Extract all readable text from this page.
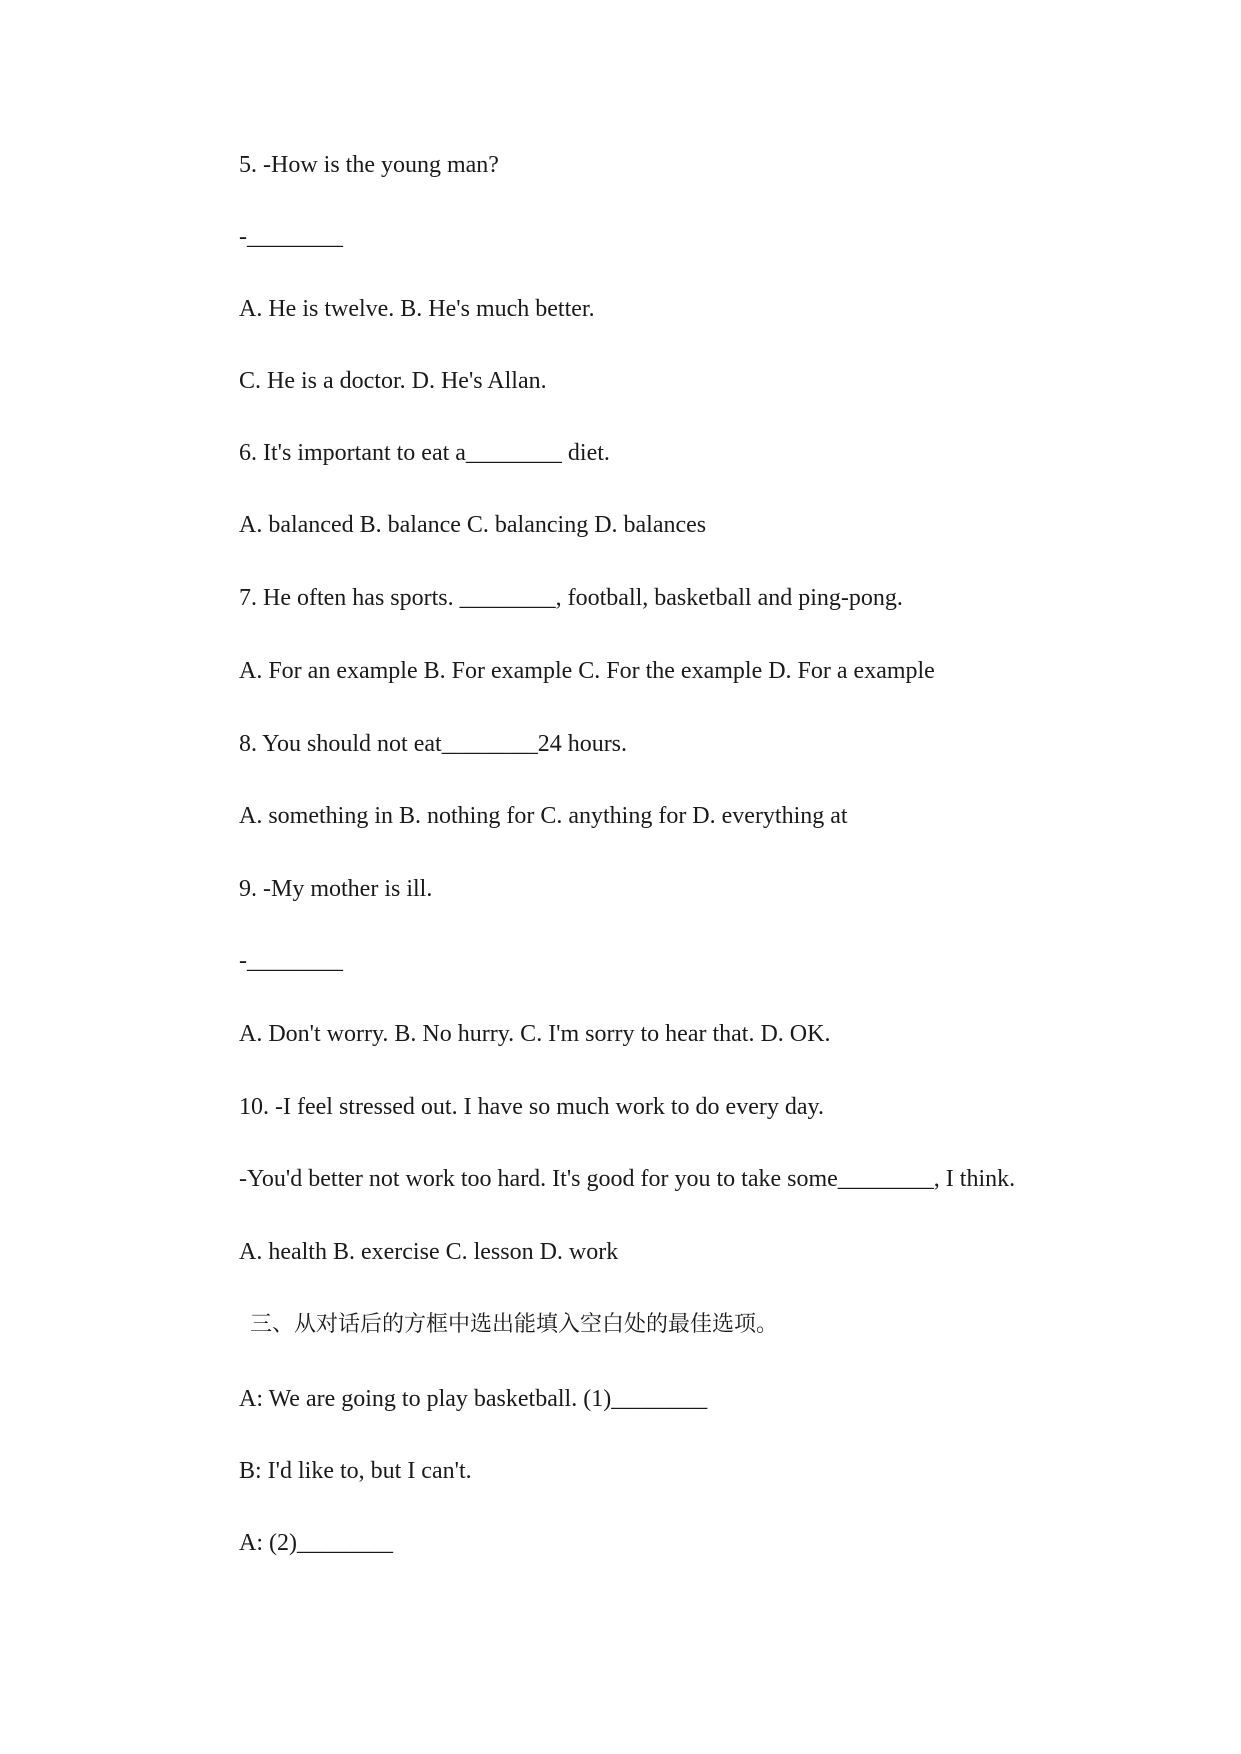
5. -How is the young man?
-________
A. He is twelve. B. He's much better.
C. He is a doctor. D. He's Allan.
6. It's important to eat a________ diet.
A. balanced B. balance C. balancing D. balances
7. He often has sports. ________, football, basketball and ping-pong.
A. For an example B. For example C. For the example D. For a example
8. You should not eat________24 hours.
A. something in B. nothing for C. anything for D. everything at
9. -My mother is ill.
-________
A. Don't worry. B. No hurry. C. I'm sorry to hear that. D. OK.
10. -I feel stressed out. I have so much work to do every day.
-You'd better not work too hard. It's good for you to take some________, I think.
A. health B. exercise C. lesson D. work
三、从对话后的方框中选出能填入空白处的最佳选项。
A: We are going to play basketball. (1)________
B: I'd like to, but I can't.
A: (2)________
